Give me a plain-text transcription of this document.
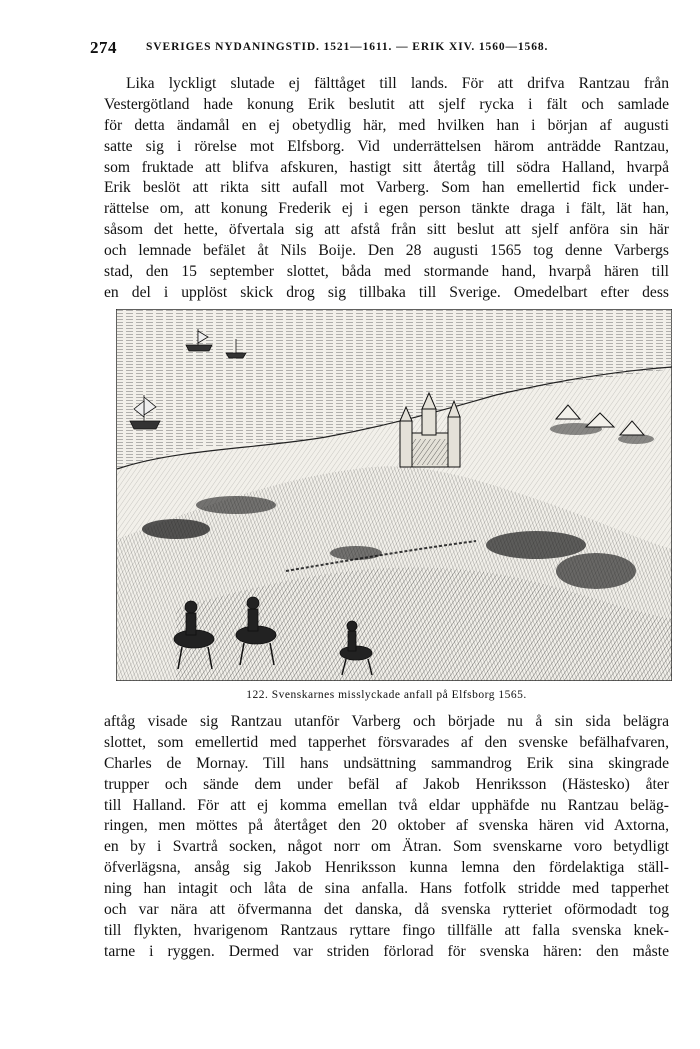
274	SVERIGES NYDANINGSTID. 1521—1611. — ERIK XIV. 1560—1568.
Lika lyckligt slutade ej fälttåget till lands. För att drifva Rantzau från
Vestergötland hade konung Erik beslutit att sjelf rycka i fält och samlade
för detta ändamål en ej obetydlig här, med hvilken han i början af augusti
satte sig i rörelse mot Elfsborg. Vid underrättelsen härom anträdde Rantzau,
som fruktade att blifva afskuren, hastigt sitt återtåg till södra Halland, hvarpå
Erik beslöt att rikta sitt aufall mot Varberg. Som han emellertid fick under-
rättelse om, att konung Frederik ej i egen person tänkte draga i fält, lät han,
såsom det hette, öfvertala sig att afstå från sitt beslut att sjelf anföra sin här
och lemnade befälet åt Nils Boije. Den 28 augusti 1565 tog denne Varbergs
stad, den 15 september slottet, båda med stormande hand, hvarpå hären till
en del i upplöst skick drog sig tillbaka till Sverige. Omedelbart efter dess
122. Svenskarnes misslyckade anfall på Elfsborg 1565.
aftåg visade sig Rantzau utanför Varberg och började nu å sin sida belägra
slottet, som emellertid med tapperhet försvarades af den svenske befälhafvaren,
Charles de Mornay. Till hans undsättning sammandrog Erik sina skingrade
trupper och sände dem under befäl af Jakob Henriksson (Hästesko) åter
till Halland. För att ej komma emellan två eldar upphäfde nu Rantzau beläg-
ringen, men möttes på återtåget den 20 oktober af svenska hären vid Axtorna,
en by i Svartrå socken, något norr om Ätran. Som svenskarne voro betydligt
öfverlägsna, ansåg sig Jakob Henriksson kunna lemna den fördelaktiga ställ-
ning han intagit och låta de sina anfalla. Hans fotfolk stridde med tapperhet
och var nära att öfvermanna det danska, då svenska rytteriet oförmodadt tog
till flykten, hvarigenom Rantzaus ryttare fingo tillfälle att falla svenska knek-
tarne i ryggen. Dermed var striden förlorad för svenska hären: den måste
